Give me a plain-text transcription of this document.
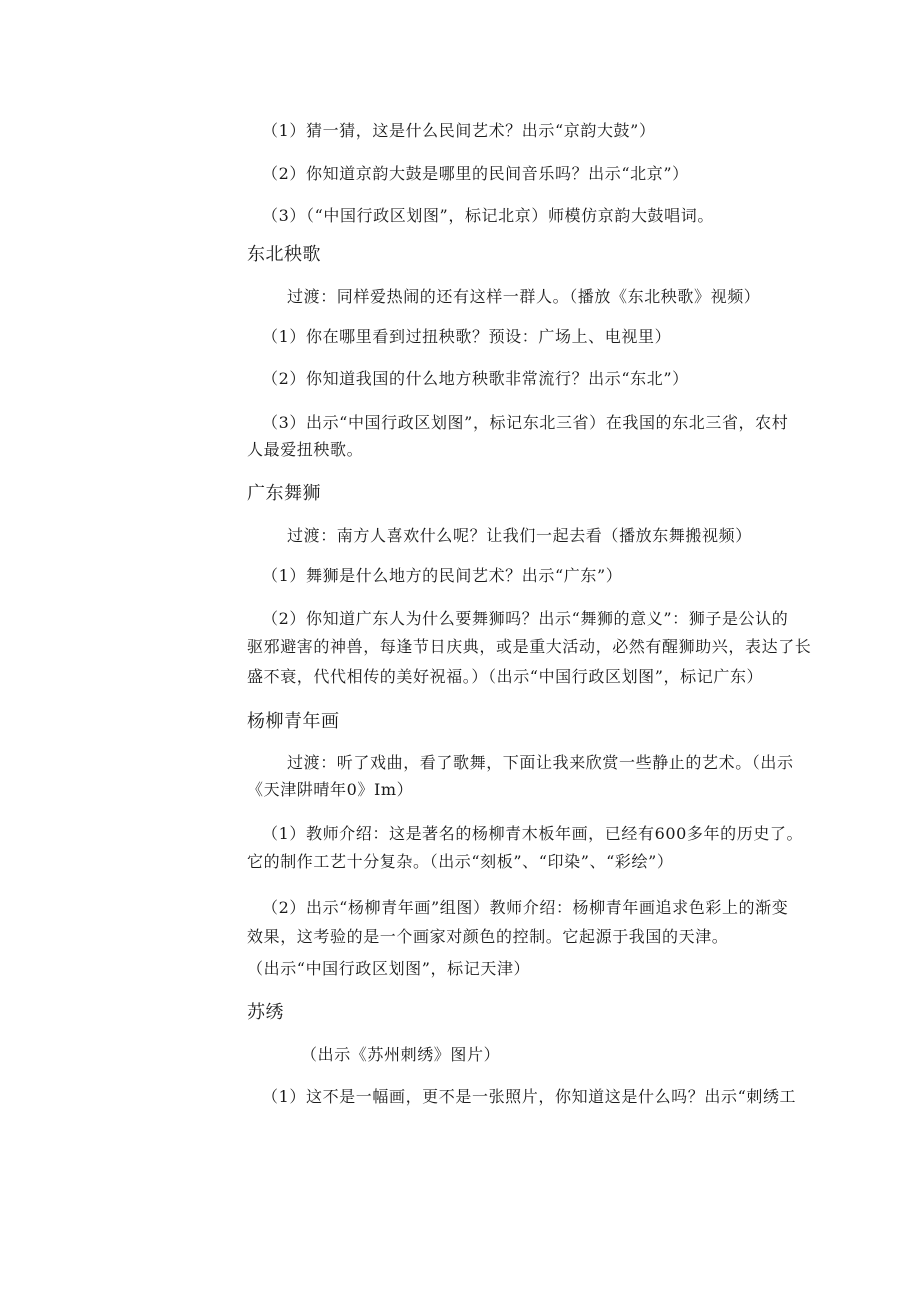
（1）猜一猜，这是什么民间艺术？出示“京韵大鼓”）
（2）你知道京韵大鼓是哪里的民间音乐吗？出示“北京”）
（3）（“中国行政区划图”，标记北京）师模仿京韵大鼓唱词。
东北秧歌
过渡：同样爱热闹的还有这样一群人。（播放《东北秧歌》视频）
（1）你在哪里看到过扭秧歌？预设：广场上、电视里）
（2）你知道我国的什么地方秧歌非常流行？出示“东北”）
（3）出示“中国行政区划图”，标记东北三省）在我国的东北三省，农村
人最爱扭秧歌。
广东舞狮
过渡：南方人喜欢什么呢？让我们一起去看（播放东舞搬视频）
（1）舞狮是什么地方的民间艺术？出示“广东”）
（2）你知道广东人为什么要舞狮吗？出示“舞狮的意义”：狮子是公认的
驱邪避害的神兽，每逢节日庆典，或是重大活动，必然有醒狮助兴，表达了长
盛不衰，代代相传的美好祝福。）（出示“中国行政区划图”，标记广东）
杨柳青年画
过渡：听了戏曲，看了歌舞，下面让我来欣赏一些静止的艺术。（出示
《天津阱晴年0》Im）
（1）教师介绍：这是著名的杨柳青木板年画，已经有600多年的历史了。
它的制作工艺十分复杂。（出示“刻板”、“印染”、“彩绘”）
（2）出示“杨柳青年画”组图）教师介绍：杨柳青年画追求色彩上的渐变
效果，这考验的是一个画家对颜色的控制。它起源于我国的天津。
（出示“中国行政区划图”，标记天津）
苏绣
（出示《苏州刺绣》图片）
（1）这不是一幅画，更不是一张照片，你知道这是什么吗？出示“刺绣工
